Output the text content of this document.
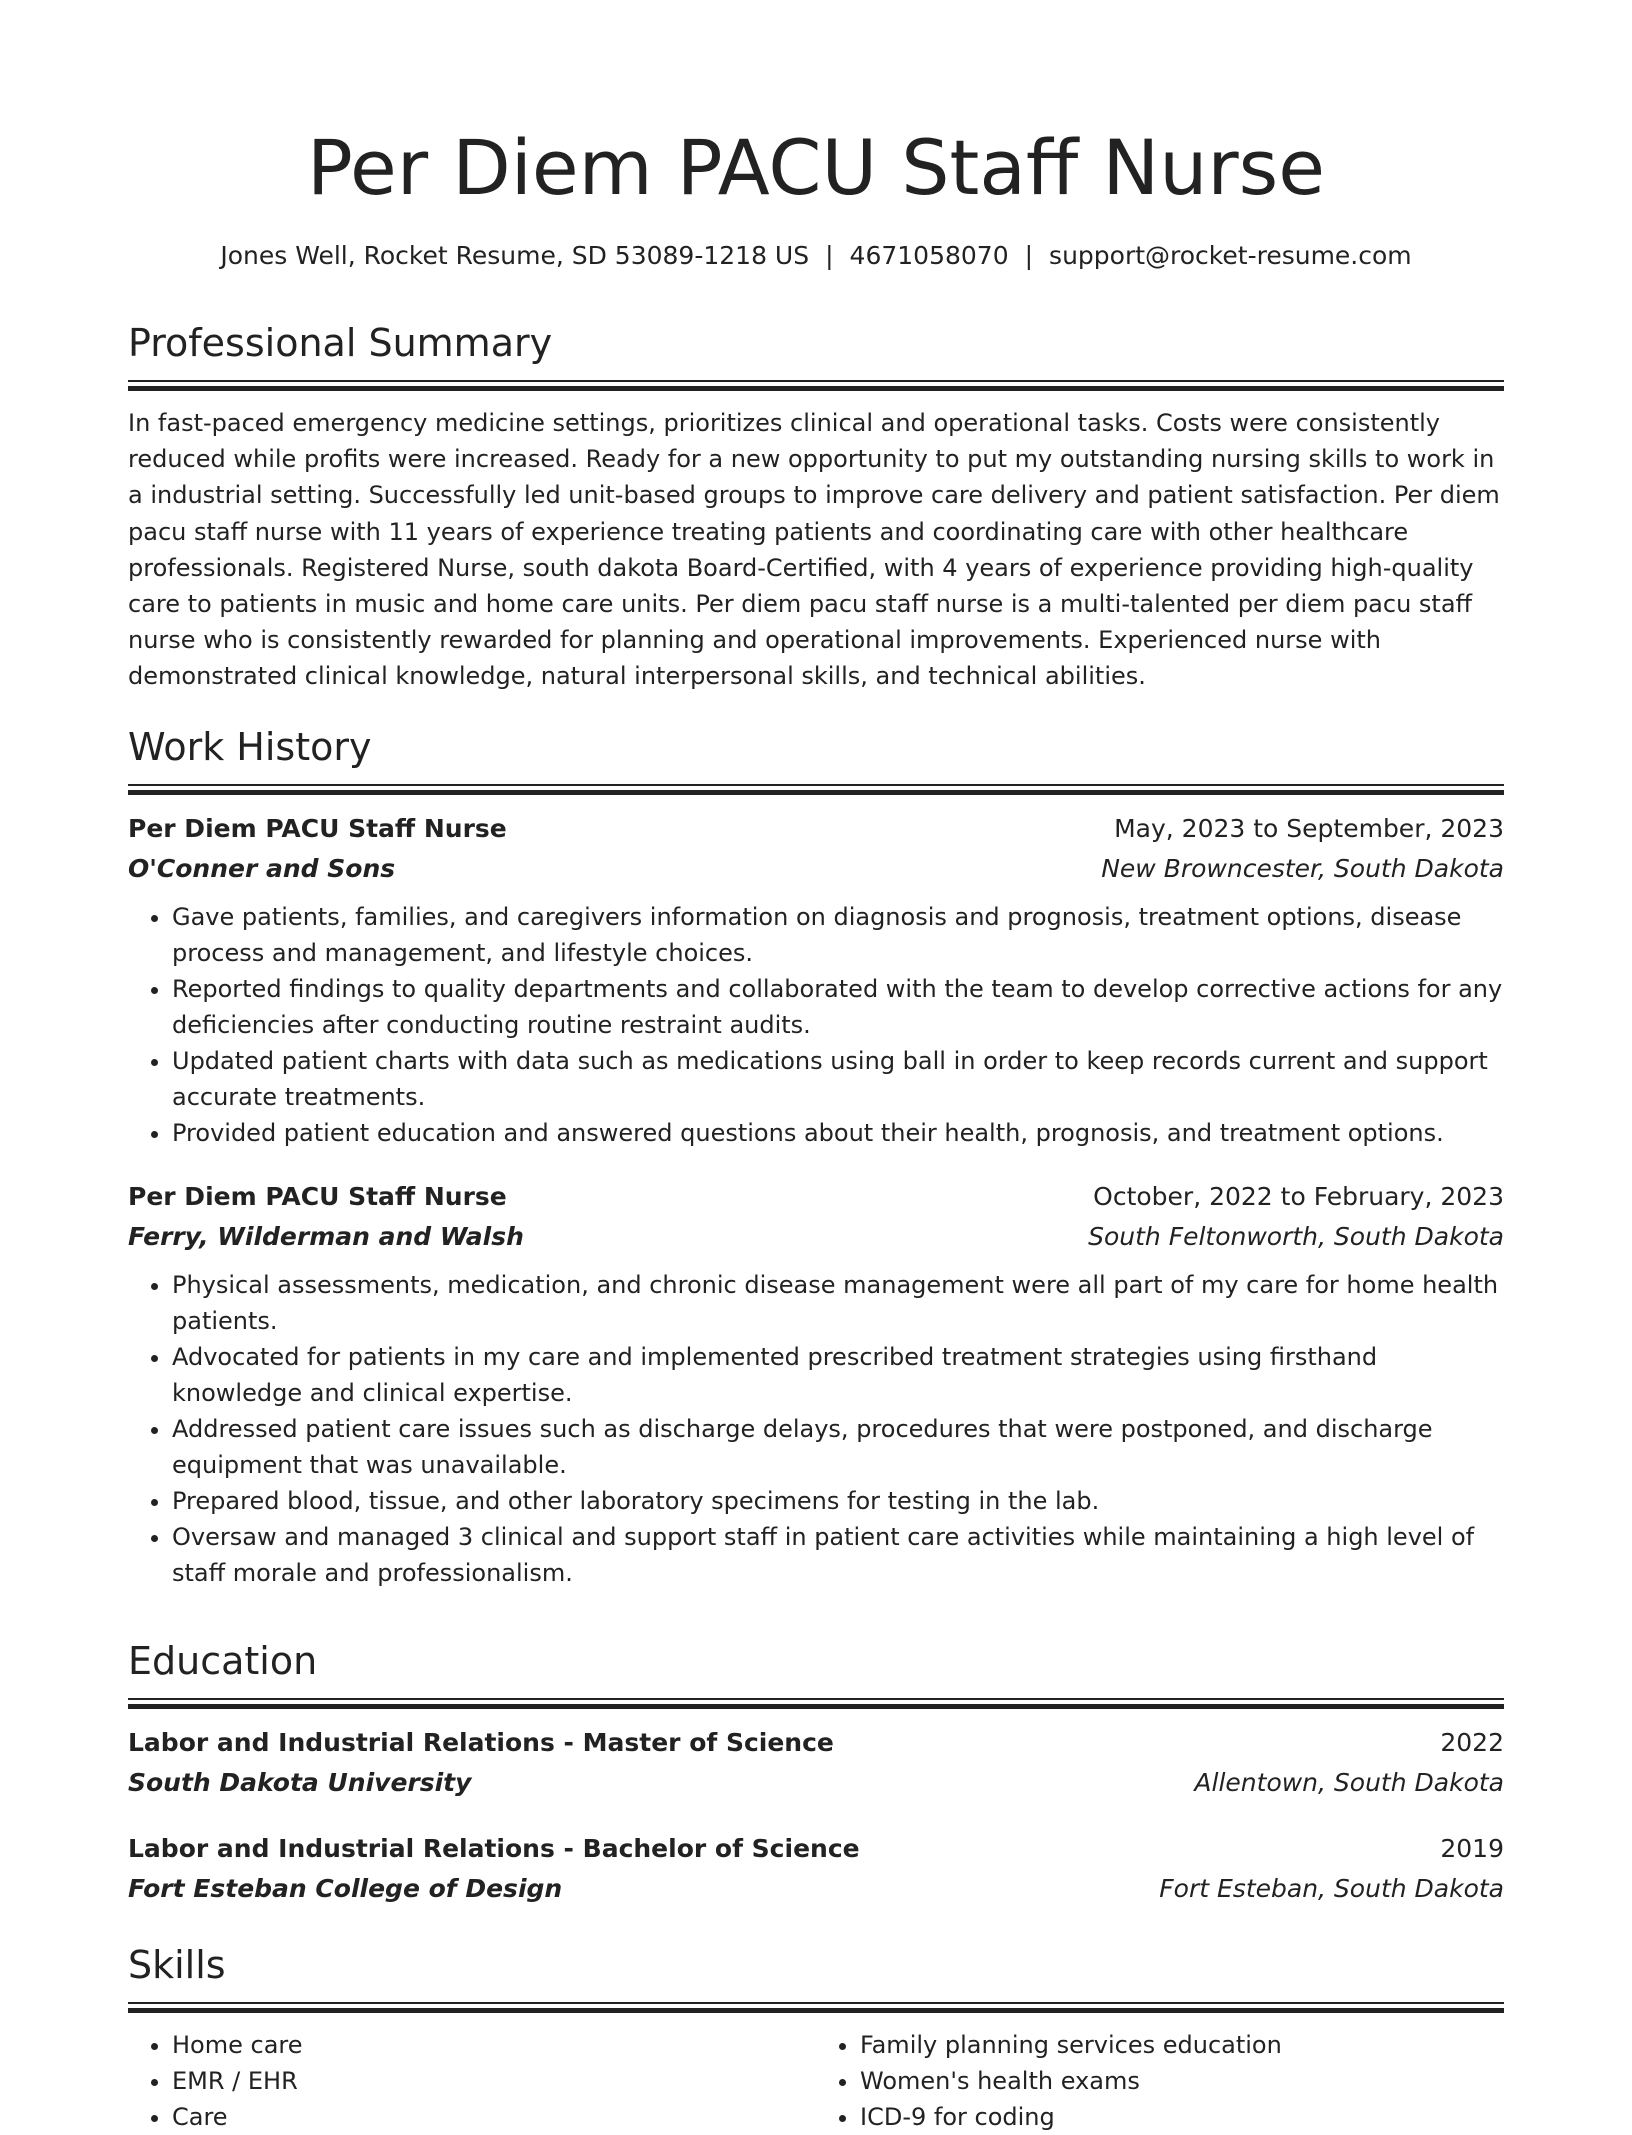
Per Diem PACU Staff Nurse
Jones Well, Rocket Resume, SD 53089-1218 US | 4671058070 | support@rocket-resume.com
Professional Summary

In fast-paced emergency medicine settings, prioritizes clinical and operational tasks. Costs were consistently reduced while profits were increased. Ready for a new opportunity to put my outstanding nursing skills to work in a industrial setting. Successfully led unit-based groups to improve care delivery and patient satisfaction. Per diem pacu staff nurse with 11 years of experience treating patients and coordinating care with other healthcare professionals. Registered Nurse, south dakota Board-Certified, with 4 years of experience providing high-quality care to patients in music and home care units. Per diem pacu staff nurse is a multi-talented per diem pacu staff nurse who is consistently rewarded for planning and operational improvements. Experienced nurse with demonstrated clinical knowledge, natural interpersonal skills, and technical abilities.

Work History
Per Diem PACU Staff Nurse	May, 2023 to September, 2023
O'Conner and Sons	New Browncester, South Dakota
• Gave patients, families, and caregivers information on diagnosis and prognosis, treatment options, disease process and management, and lifestyle choices.
• Reported findings to quality departments and collaborated with the team to develop corrective actions for any deficiencies after conducting routine restraint audits.
• Updated patient charts with data such as medications using ball in order to keep records current and support accurate treatments.
• Provided patient education and answered questions about their health, prognosis, and treatment options.
Per Diem PACU Staff Nurse	October, 2022 to February, 2023
Ferry, Wilderman and Walsh	South Feltonworth, South Dakota
• Physical assessments, medication, and chronic disease management were all part of my care for home health patients.
• Advocated for patients in my care and implemented prescribed treatment strategies using firsthand knowledge and clinical expertise.
• Addressed patient care issues such as discharge delays, procedures that were postponed, and discharge equipment that was unavailable.
• Prepared blood, tissue, and other laboratory specimens for testing in the lab.
• Oversaw and managed 3 clinical and support staff in patient care activities while maintaining a high level of staff morale and professionalism.
Education
Labor and Industrial Relations - Master of Science	2022
South Dakota University	Allentown, South Dakota
Labor and Industrial Relations - Bachelor of Science	2019
Fort Esteban College of Design	Fort Esteban, South Dakota
Skills
• Home care
• EMR / EHR
• Care
• Family planning services education
• Women's health exams
• ICD-9 for coding
